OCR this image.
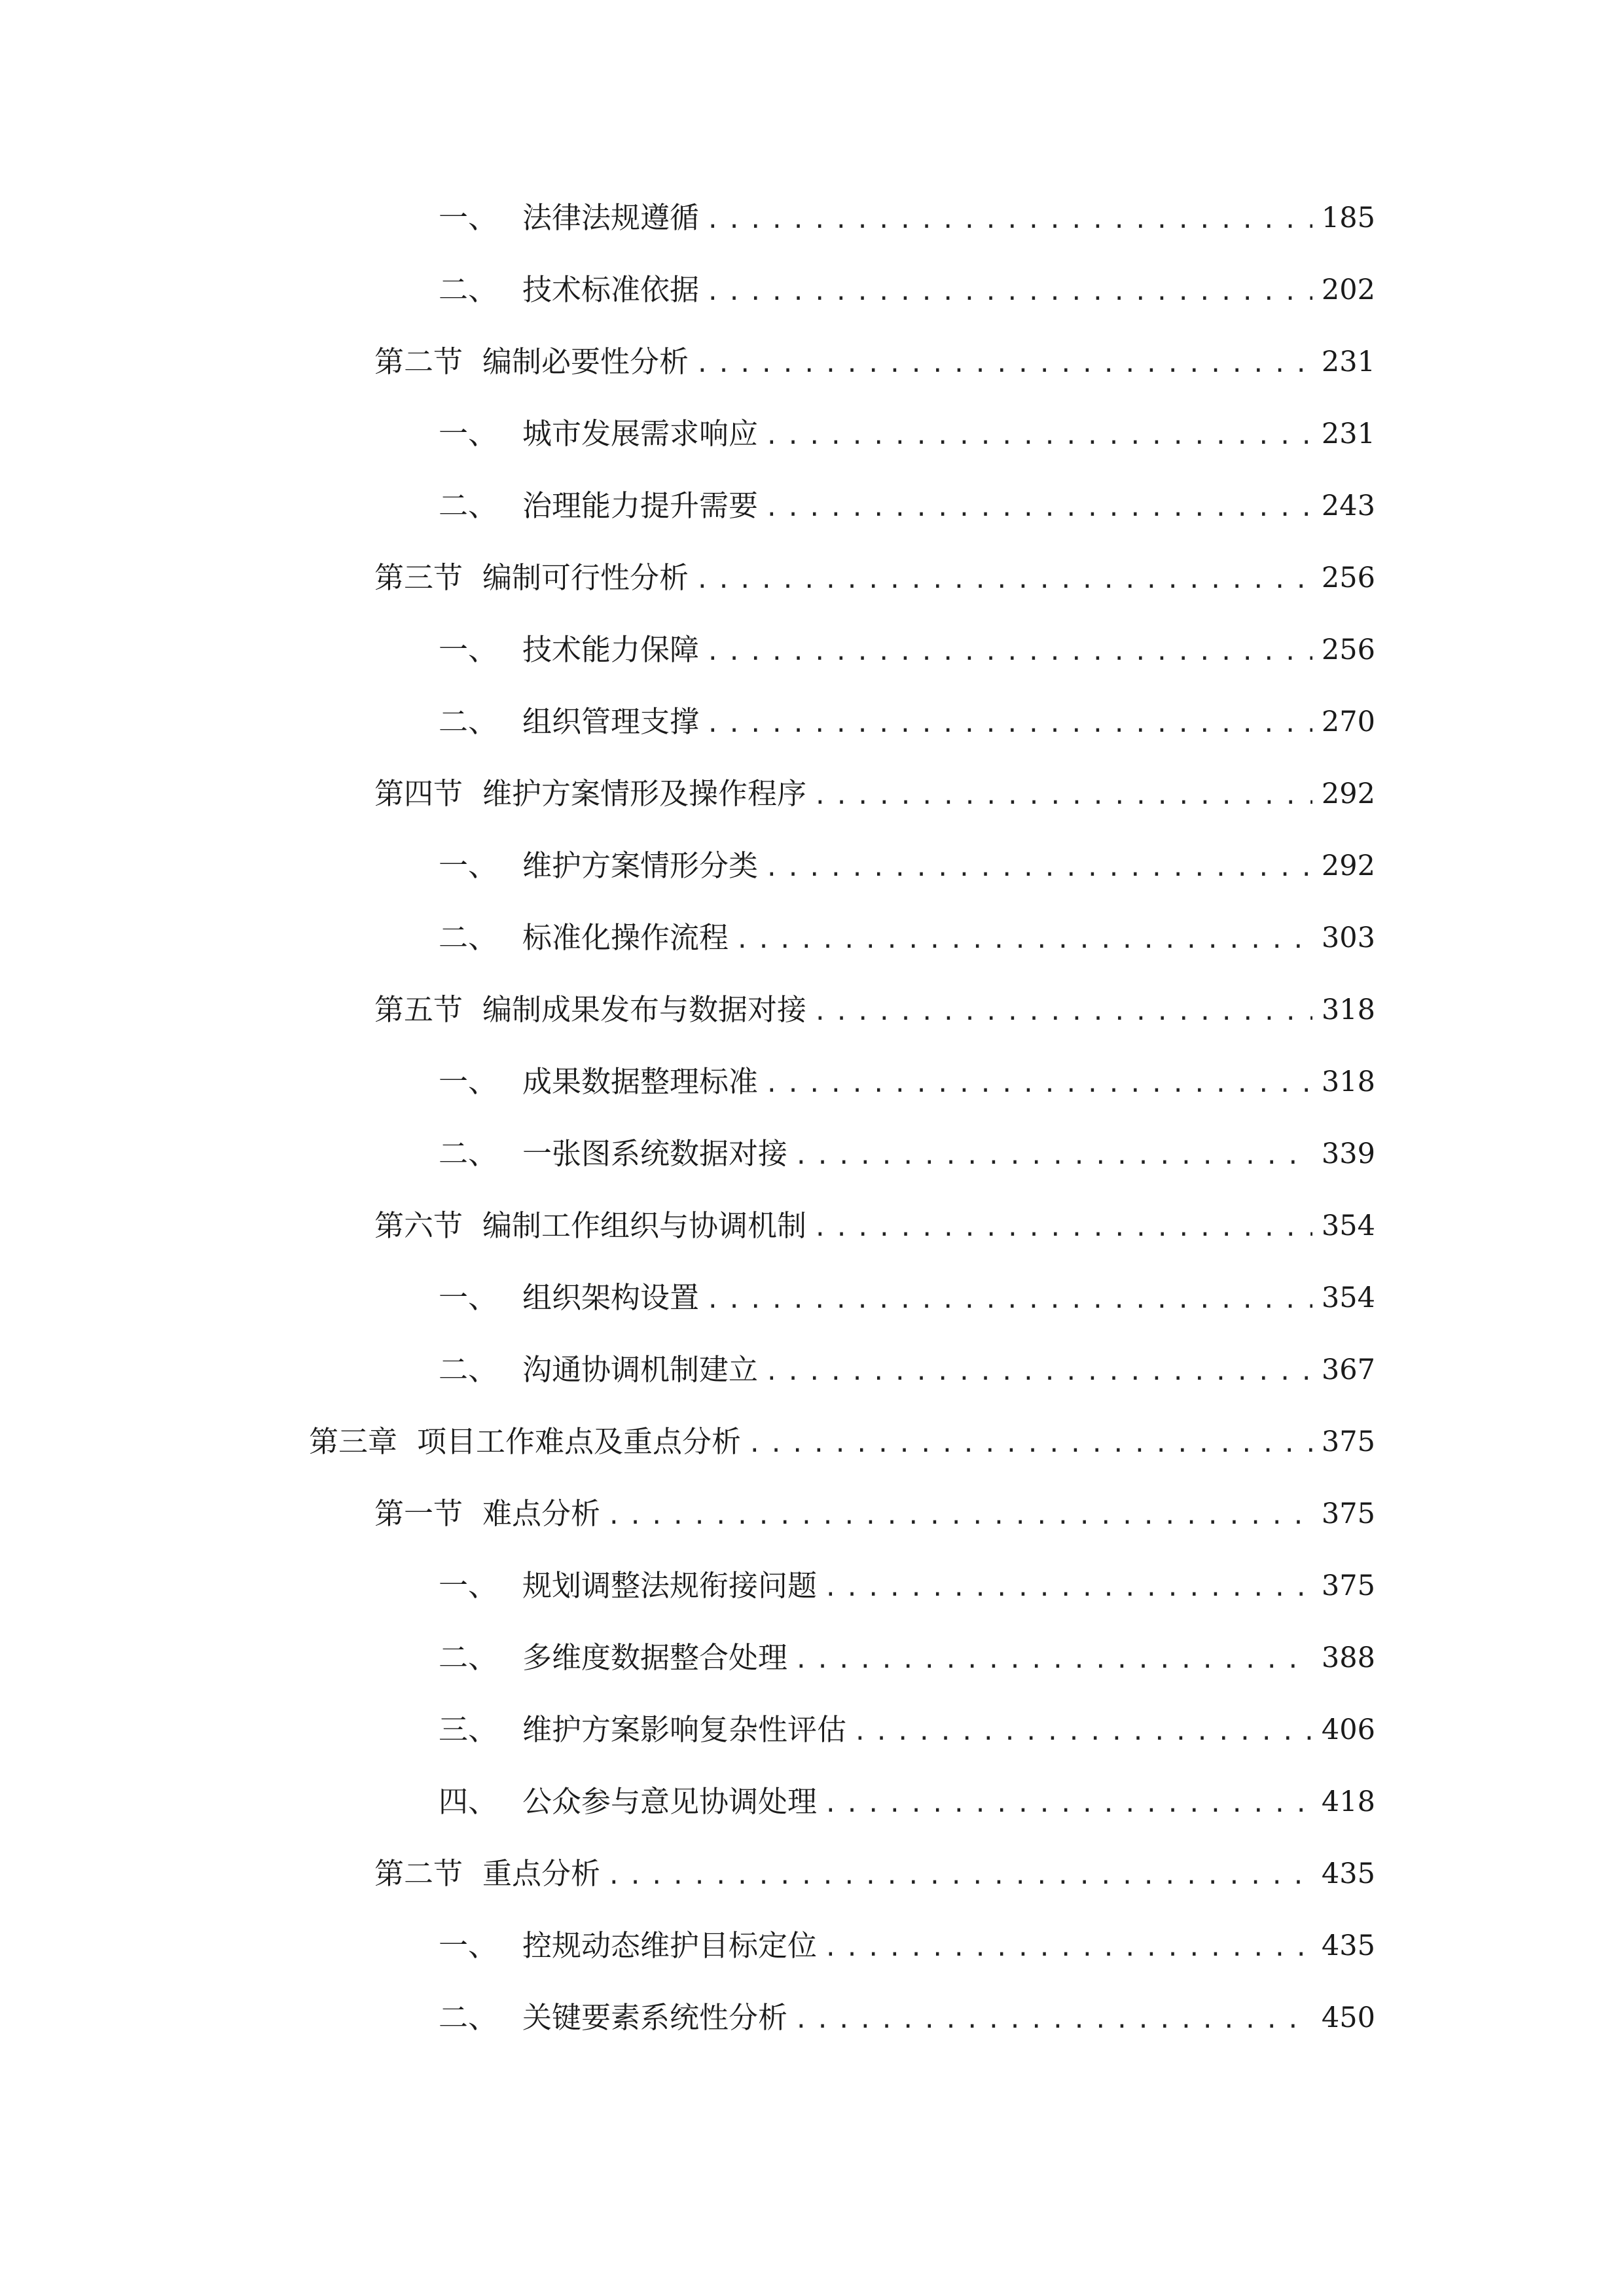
一、 法律法规遵循 .....	185
二、 技术标准依据 .....	202
第二节 编制必要性分析 .....	231
一、 城市发展需求响应 .....	231
二、 治理能力提升需要 .....	243
第三节 编制可行性分析 .....	256
一、 技术能力保障 .....	256
二、 组织管理支撑 .....	270
第四节 维护方案情形及操作程序 .....	292
一、 维护方案情形分类 .....	292
二、 标准化操作流程 .....	303
第五节 编制成果发布与数据对接 .....	318
一、 成果数据整理标准 .....	318
二、 一张图系统数据对接 .....	339
第六节 编制工作组织与协调机制 .....	354
一、 组织架构设置 .....	354
二、 沟通协调机制建立 .....	367
第三章 项目工作难点及重点分析 .....	375
第一节 难点分析 .....	375
一、 规划调整法规衔接问题 .....	375
二、 多维度数据整合处理 .....	388
三、 维护方案影响复杂性评估 .....	406
四、 公众参与意见协调处理 .....	418
第二节 重点分析 .....	435
一、 控规动态维护目标定位 .....	435
二、 关键要素系统性分析 .....	450
